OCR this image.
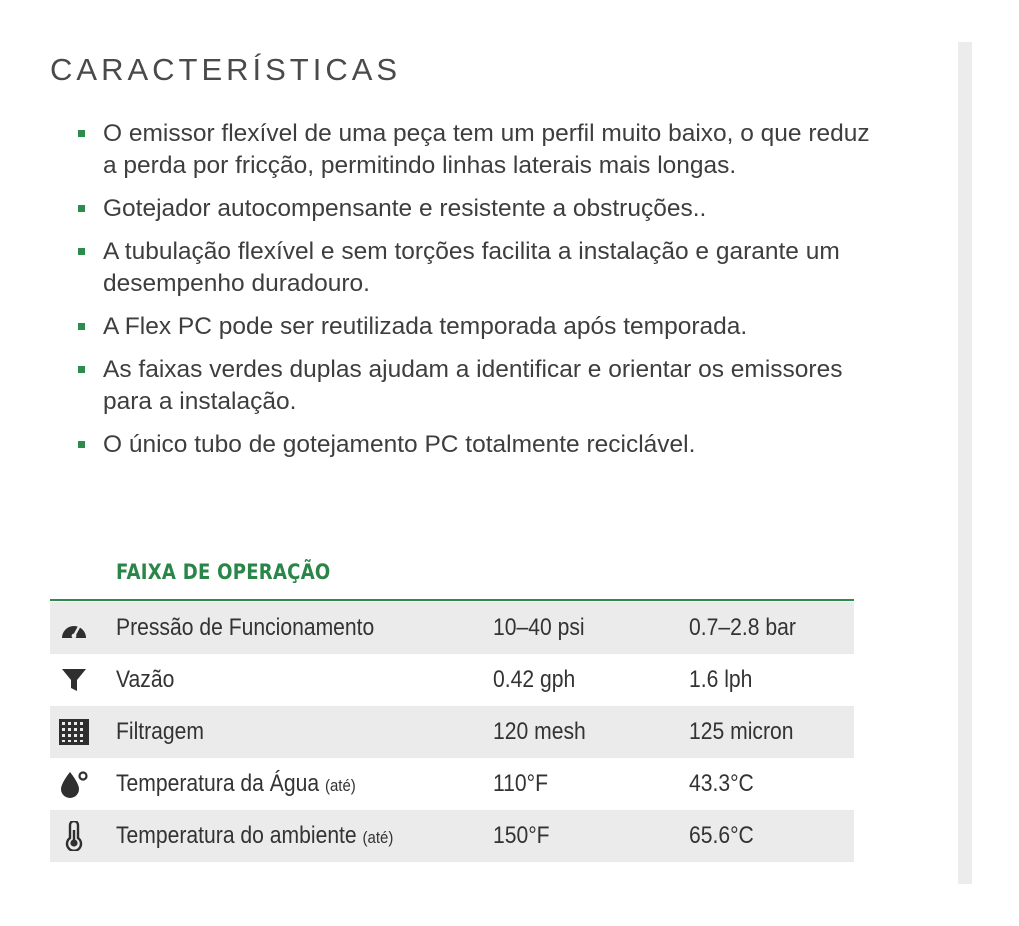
CARACTERÍSTICAS
O emissor flexível de uma peça tem um perfil muito baixo, o que reduz a perda por fricção, permitindo linhas laterais mais longas.
Gotejador autocompensante e resistente a obstruções..
A tubulação flexível e sem torções facilita a instalação e garante um desempenho duradouro.
A Flex PC pode ser reutilizada temporada após temporada.
As faixas verdes duplas ajudam a identificar e orientar os emissores para a instalação.
O único tubo de gotejamento PC totalmente reciclável.
FAIXA DE OPERAÇÃO
Pressão de Funcionamento	10–40 psi	0.7–2.8 bar
Vazão	0.42 gph	1.6 lph
Filtragem	120 mesh	125 micron
Temperatura da Água (até)	110°F	43.3°C
Temperatura do ambiente (até)	150°F	65.6°C
